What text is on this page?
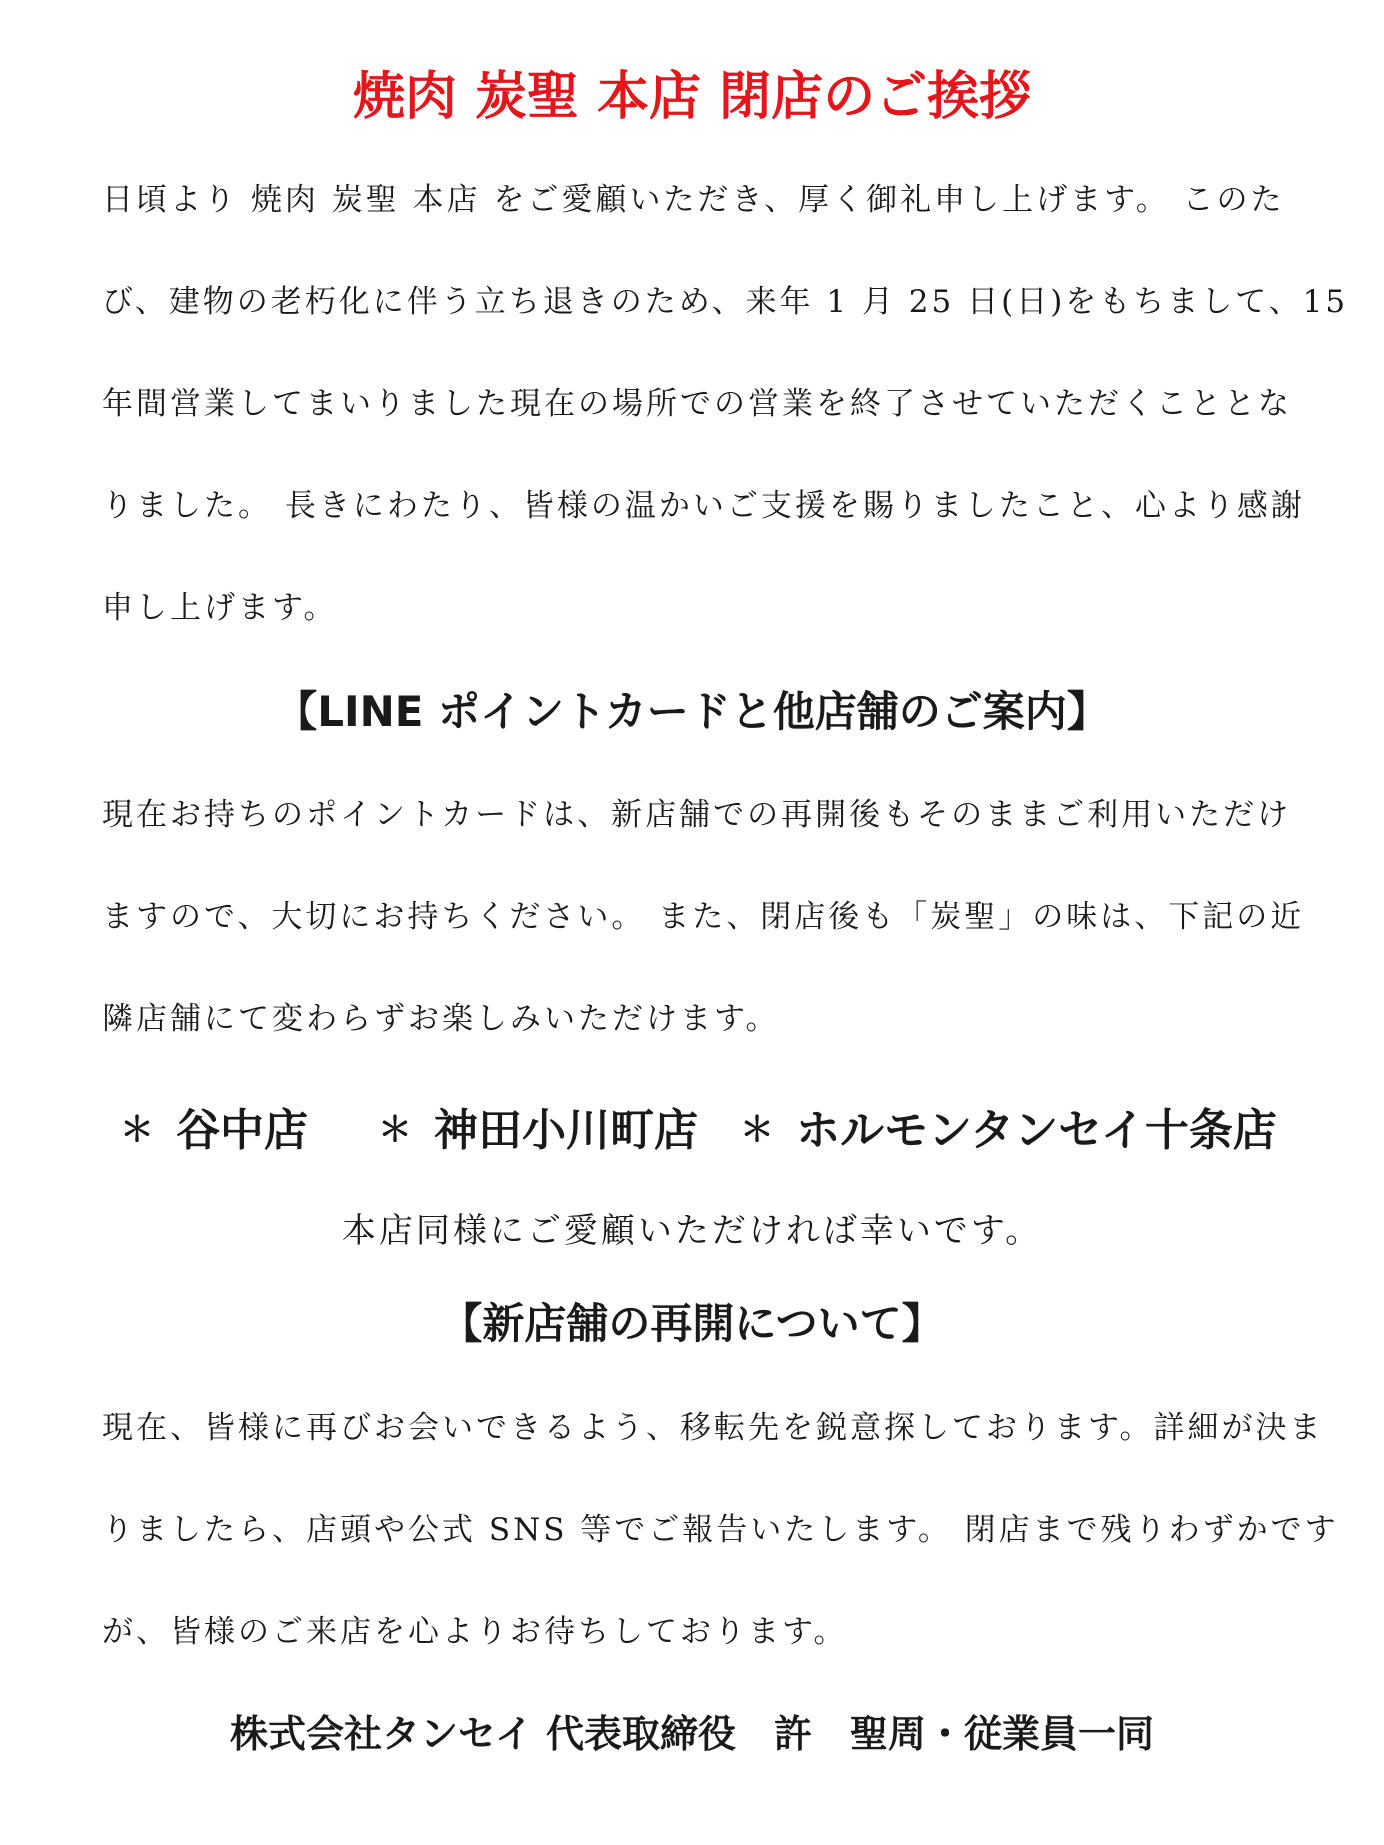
焼肉 炭聖 本店 閉店のご挨拶
日頃より 焼肉 炭聖 本店 をご愛顧いただき、厚く御礼申し上げます。 このた
び、建物の老朽化に伴う立ち退きのため、来年 1 月 25 日(日)をもちまして、15
年間営業してまいりました現在の場所での営業を終了させていただくこととな
りました。 長きにわたり、皆様の温かいご支援を賜りましたこと、心より感謝
申し上げます。
【LINE ポイントカードと他店舗のご案内】
現在お持ちのポイントカードは、新店舗での再開後もそのままご利用いただけ
ますので、大切にお持ちください。 また、閉店後も「炭聖」の味は、下記の近
隣店舗にて変わらずお楽しみいただけます。
＊ 谷中店 ＊ 神田小川町店 ＊ ホルモンタンセイ十条店
本店同様にご愛顧いただければ幸いです。
【新店舗の再開について】
現在、皆様に再びお会いできるよう、移転先を鋭意探しております。詳細が決ま
りましたら、店頭や公式 SNS 等でご報告いたします。 閉店まで残りわずかです
が、皆様のご来店を心よりお待ちしております。
株式会社タンセイ 代表取締役　許　聖周・従業員一同
